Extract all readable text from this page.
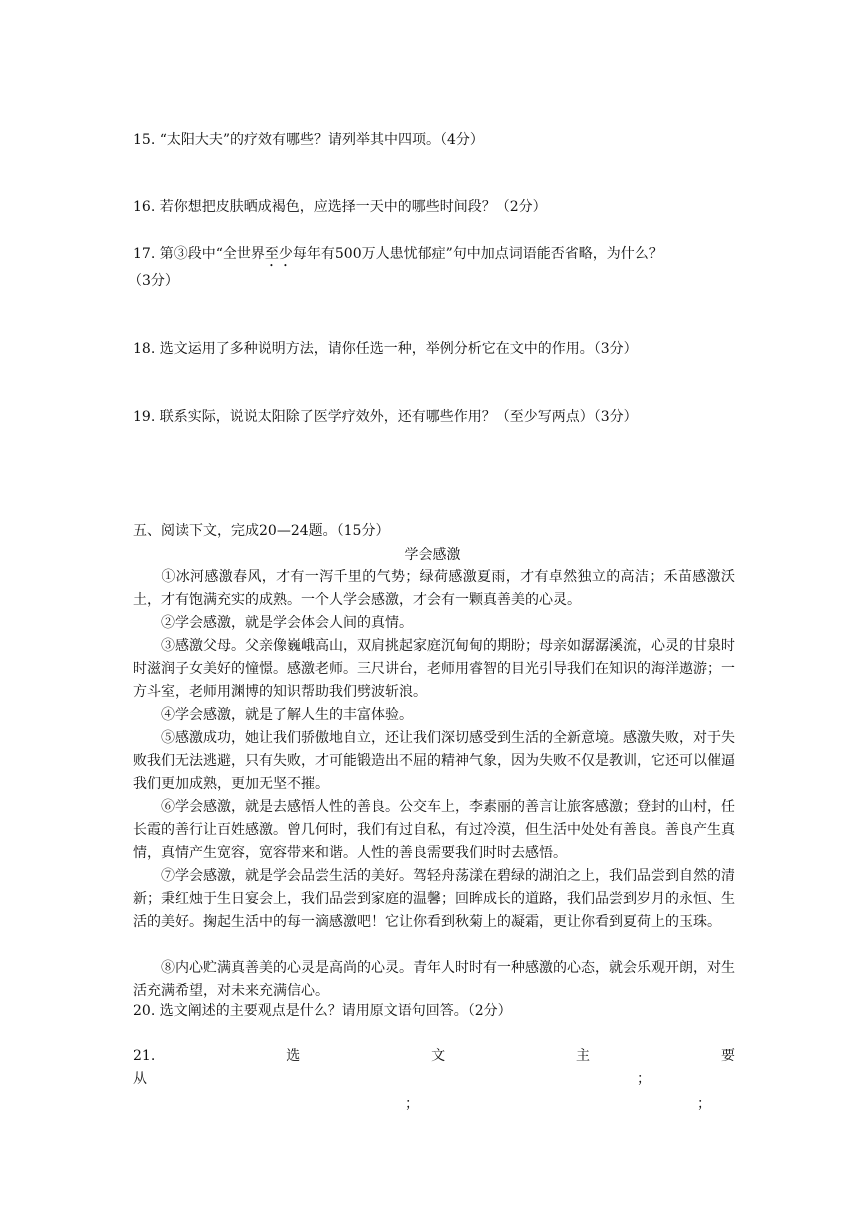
15. “太阳大夫”的疗效有哪些？请列举其中四项。（4分）
16. 若你想把皮肤晒成褐色，应选择一天中的哪些时间段？（2分）
17. 第③段中“全世界至少每年有500万人患忧郁症”句中加点词语能否省略，为什么？
（3分）
18. 选文运用了多种说明方法，请你任选一种，举例分析它在文中的作用。（3分）
19. 联系实际，说说太阳除了医学疗效外，还有哪些作用？（至少写两点）（3分）
五、阅读下文，完成20—24题。（15分）
学会感激
①冰河感激春风，才有一泻千里的气势；绿荷感激夏雨，才有卓然独立的高洁；禾苗感激沃土，才有饱满充实的成熟。一个人学会感激，才会有一颗真善美的心灵。
②学会感激，就是学会体会人间的真情。
③感激父母。父亲像巍峨高山，双肩挑起家庭沉甸甸的期盼；母亲如潺潺溪流，心灵的甘泉时时滋润子女美好的憧憬。感激老师。三尺讲台，老师用睿智的目光引导我们在知识的海洋遨游；一方斗室，老师用渊博的知识帮助我们劈波斩浪。
④学会感激，就是了解人生的丰富体验。
⑤感激成功，她让我们骄傲地自立，还让我们深切感受到生活的全新意境。感激失败，对于失败我们无法逃避，只有失败，才可能锻造出不屈的精神气象，因为失败不仅是教训，它还可以催逼我们更加成熟，更加无坚不摧。
⑥学会感激，就是去感悟人性的善良。公交车上，李素丽的善言让旅客感激；登封的山村，任长霞的善行让百姓感激。曾几何时，我们有过自私，有过冷漠，但生活中处处有善良。善良产生真情，真情产生宽容，宽容带来和谐。人性的善良需要我们时时去感悟。
⑦学会感激，就是学会品尝生活的美好。驾轻舟荡漾在碧绿的湖泊之上，我们品尝到自然的清新；秉红烛于生日宴会上，我们品尝到家庭的温馨；回眸成长的道路，我们品尝到岁月的永恒、生活的美好。掬起生活中的每一滴感激吧！它让你看到秋菊上的凝霜，更让你看到夏荷上的玉珠。
⑧内心贮满真善美的心灵是高尚的心灵。青年人时时有一种感激的心态，就会乐观开朗，对生活充满希望，对未来充满信心。
20. 选文阐述的主要观点是什么？请用原文语句回答。（2分）
21.	选	文	主	要
从	；
；	；
